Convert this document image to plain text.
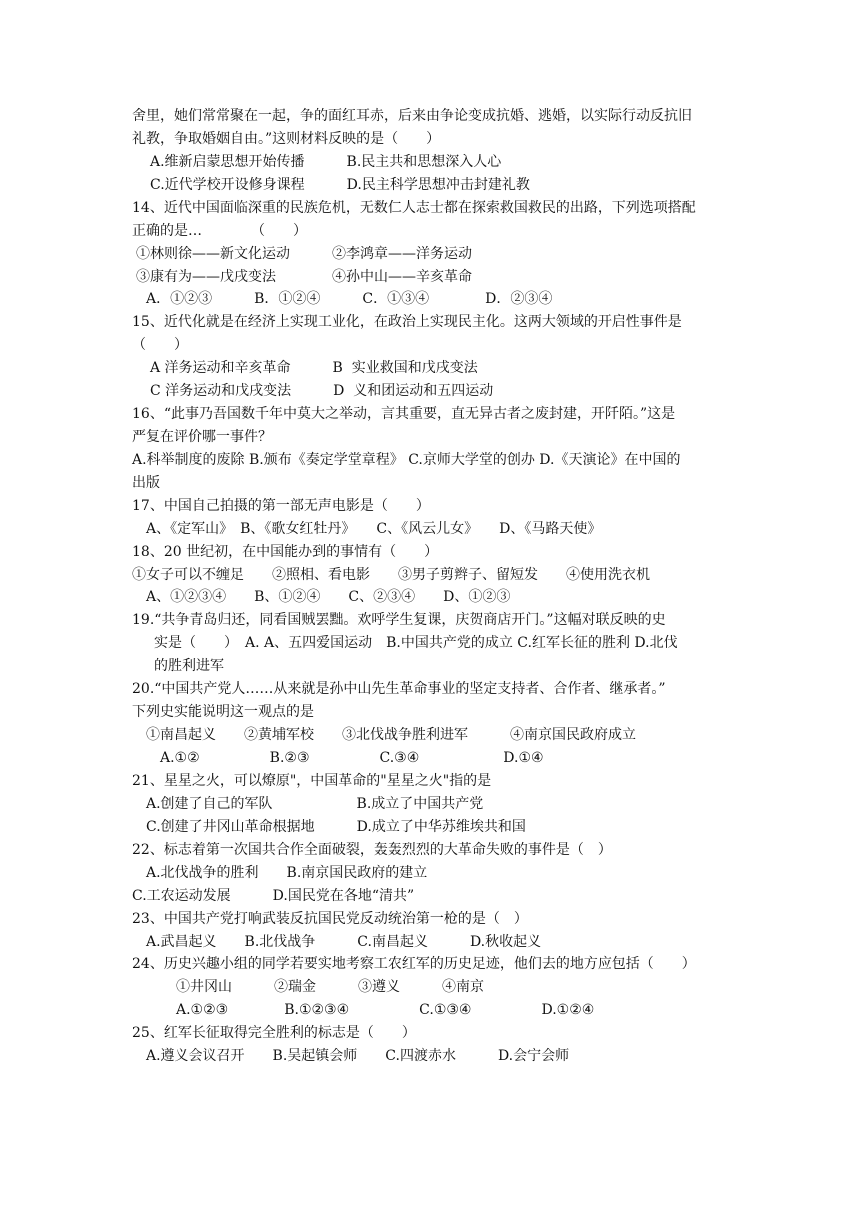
舍里，她们常常聚在一起，争的面红耳赤，后来由争论变成抗婚、逃婚，以实际行动反抗旧
礼教，争取婚姻自由。”这则材料反映的是（　　）
A.维新启蒙思想开始传播　　　B.民主共和思想深入人心
C.近代学校开设修身课程　　　D.民主科学思想冲击封建礼教
14、近代中国面临深重的民族危机，无数仁人志士都在探索救国救民的出路，下列选项搭配
正确的是…　　　　（　　）
①林则徐——新文化运动　　　②李鸿章——洋务运动
③康有为——戊戌变法　　　　④孙中山——辛亥革命
A．①②③　　　B．①②④　　　C．①③④　　　　D．②③④
15、近代化就是在经济上实现工业化，在政治上实现民主化。这两大领域的开启性事件是
（　　）
A 洋务运动和辛亥革命　　　B  实业救国和戊戌变法
C 洋务运动和戊戌变法　　　D  义和团运动和五四运动
16、“此事乃吾国数千年中莫大之举动，言其重要，直无异古者之废封建，开阡陌。”这是
严复在评价哪一事件？
A.科举制度的废除 B.颁布《奏定学堂章程》 C.京师大学堂的创办 D.《天演论》在中国的
出版
17、中国自己拍摄的第一部无声电影是（　　）
A、《定军山》　B、《歌女红牡丹》　　C、《风云儿女》　　D、《马路天使》
18、20 世纪初，在中国能办到的事情有（　　）
①女子可以不缠足　　②照相、看电影　　③男子剪辫子、留短发　　④使用洗衣机
A、①②③④　　B、①②④　　C、②③④　　D、①②③
19.“共争青岛归还，同看国贼罢黜。欢呼学生复课，庆贺商店开门。”这幅对联反映的史
实是（　　）　A. A、五四爱国运动　B.中国共产党的成立 C.红军长征的胜利 D.北伐
的胜利进军
20.“中国共产党人……从来就是孙中山先生革命事业的坚定支持者、合作者、继承者。”
下列史实能说明这一观点的是
①南昌起义　　②黄埔军校　　③北伐战争胜利进军　　　④南京国民政府成立
A.①②　　　　　B.②③　　　　　C.③④　　　　　　D.①④
21、星星之火，可以燎原"，中国革命的"星星之火"指的是
A.创建了自己的军队　　　　　　B.成立了中国共产党
C.创建了井冈山革命根据地　　　D.成立了中华苏维埃共和国
22、标志着第一次国共合作全面破裂，轰轰烈烈的大革命失败的事件是（　）
A.北伐战争的胜利　　B.南京国民政府的建立
C.工农运动发展　　　D.国民党在各地“清共”
23、中国共产党打响武装反抗国民党反动统治第一枪的是（　）
A.武昌起义　　B.北伐战争　　　C.南昌起义　　　D.秋收起义
24、历史兴趣小组的同学若要实地考察工农红军的历史足迹，他们去的地方应包括（　　）
①井冈山　　　②瑞金　　　③遵义　　　④南京
A.①②③　　　　B.①②③④　　　　　C.①③④　　　　　D.①②④
25、红军长征取得完全胜利的标志是（　　）
A.遵义会议召开　　B.吴起镇会师　　C.四渡赤水　　　D.会宁会师
